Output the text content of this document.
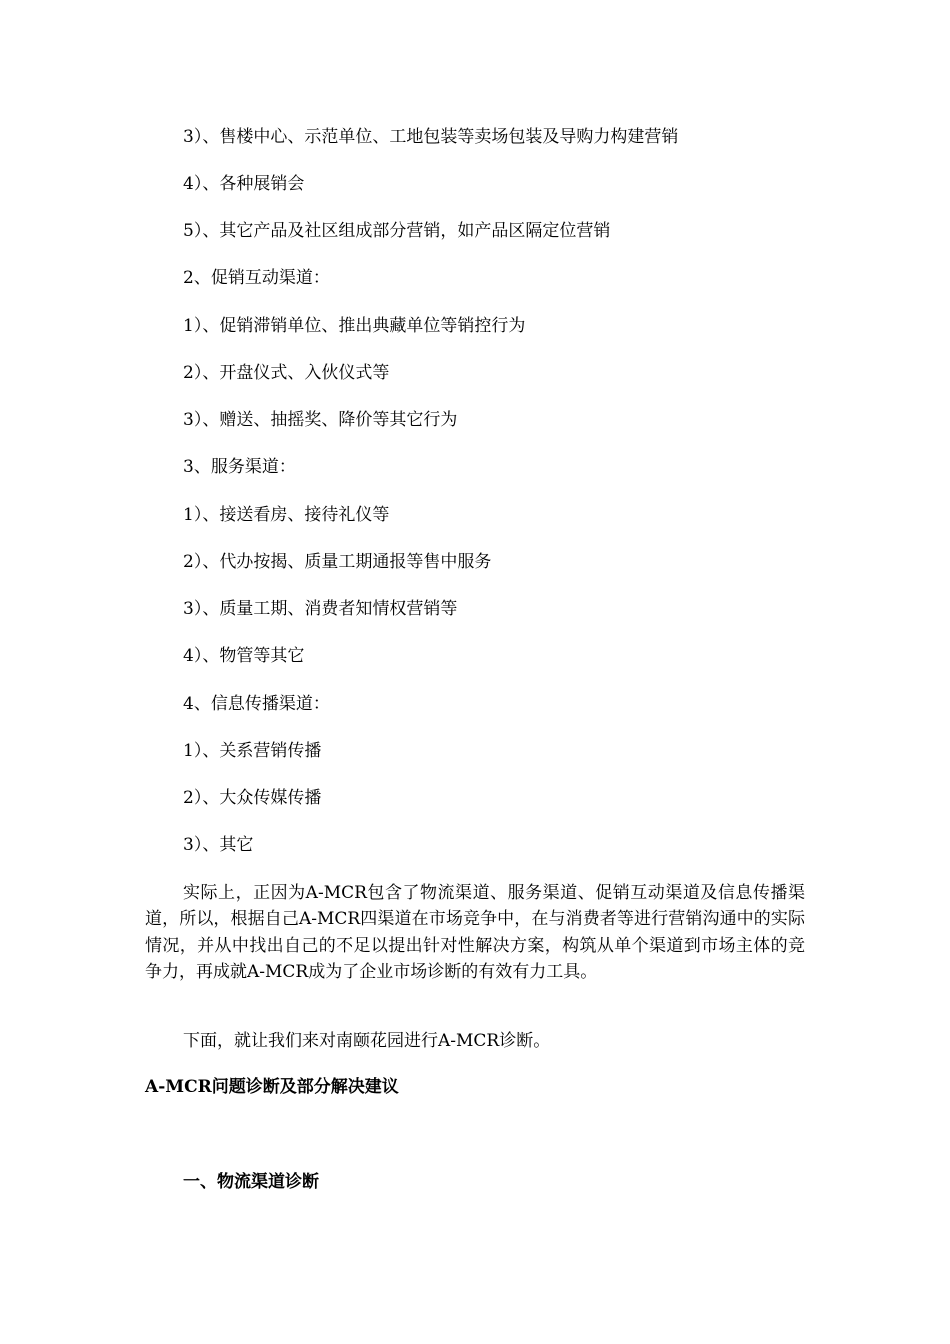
3）、售楼中心、示范单位、工地包装等卖场包装及导购力构建营销
4）、各种展销会
5）、其它产品及社区组成部分营销，如产品区隔定位营销
2、促销互动渠道：
1）、促销滞销单位、推出典藏单位等销控行为
2）、开盘仪式、入伙仪式等
3）、赠送、抽摇奖、降价等其它行为
3、服务渠道：
1）、接送看房、接待礼仪等
2）、代办按揭、质量工期通报等售中服务
3）、质量工期、消费者知情权营销等
4）、物管等其它
4、信息传播渠道：
1）、关系营销传播
2）、大众传媒传播
3）、其它

实际上，正因为A-MCR包含了物流渠道、服务渠道、促销互动渠道及信息传播渠道，所以，根据自己A-MCR四渠道在市场竞争中，在与消费者等进行营销沟通中的实际情况，并从中找出自己的不足以提出针对性解决方案，构筑从单个渠道到市场主体的竞争力，再成就A-MCR成为了企业市场诊断的有效有力工具。

下面，就让我们来对南颐花园进行A-MCR诊断。

A-MCR问题诊断及部分解决建议
一、物流渠道诊断
